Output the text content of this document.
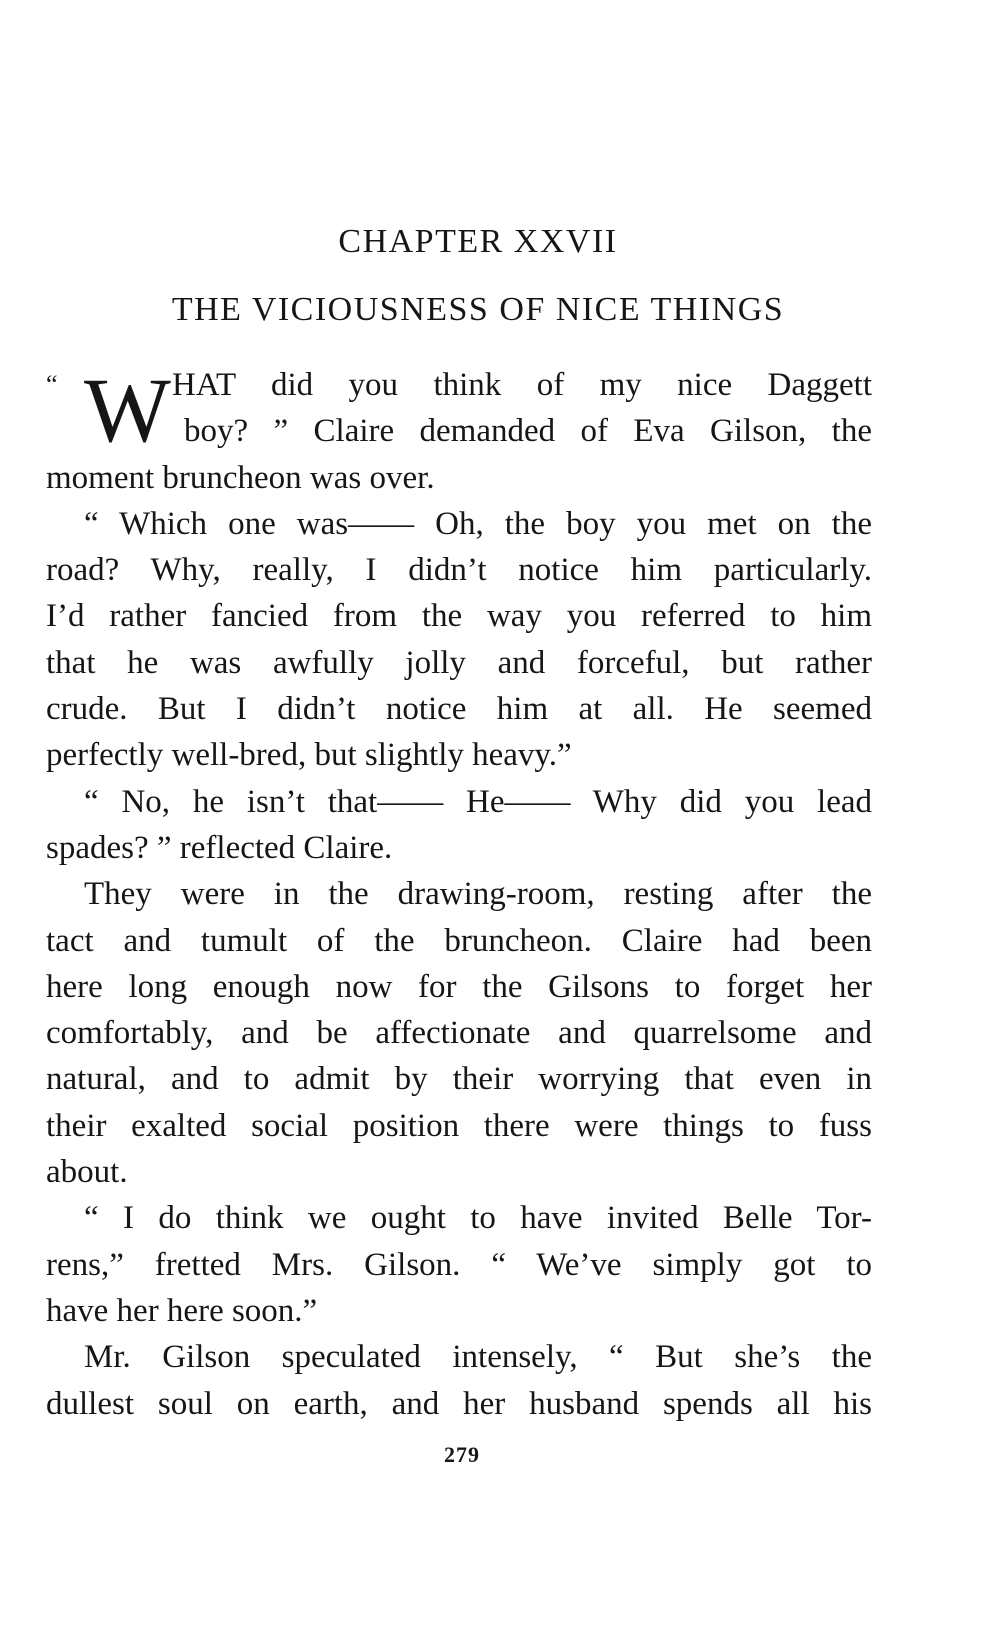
CHAPTER XXVII
THE VICIOUSNESS OF NICE THINGS
“ W HAT did you think of my nice Daggett
boy? ” Claire demanded of Eva Gilson, the
moment bruncheon was over.
“ Which one was—— Oh, the boy you met on the
road? Why, really, I didn’t notice him particularly.
I’d rather fancied from the way you referred to him
that he was awfully jolly and forceful, but rather
crude. But I didn’t notice him at all. He seemed
perfectly well-bred, but slightly heavy.”
“ No, he isn’t that—— He—— Why did you lead
spades? ” reflected Claire.
They were in the drawing-room, resting after the
tact and tumult of the bruncheon. Claire had been
here long enough now for the Gilsons to forget her
comfortably, and be affectionate and quarrelsome and
natural, and to admit by their worrying that even in
their exalted social position there were things to fuss
about.
“ I do think we ought to have invited Belle Tor-
rens,” fretted Mrs. Gilson. “ We’ve simply got to
have her here soon.”
Mr. Gilson speculated intensely, “ But she’s the
dullest soul on earth, and her husband spends all his
279
